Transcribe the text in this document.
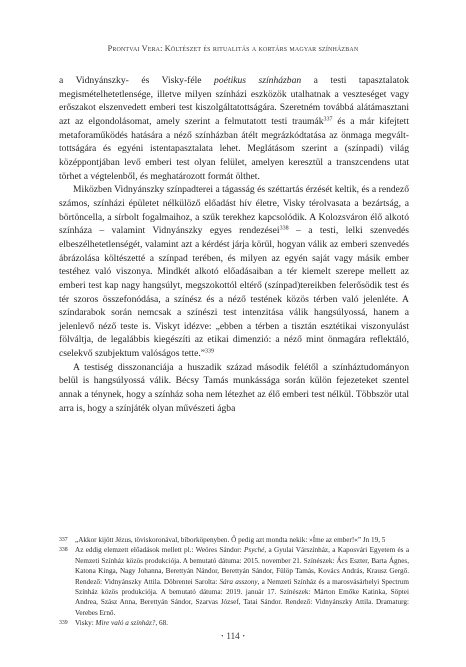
Prontvai Vera: Költészet és ritualitás a kortárs magyar színházban

a Vidnyánszky- és Visky-féle poétikus színházban a testi tapasztalatok megismételhetetlensége, illetve milyen színházi eszközök utalhatnak a veszteséget vagy erőszakot elszenvedett emberi test kiszolgáltatottságára. Szeretném továbbá alátámasztani azt az elgondolásomat, amely szerint a felmutatott testi traumák$^{337}$ és a már kifejtett metaforaműködés hatására a néző színházban átélt megrázkódtatása az önmaga megválttottságára és egyéni istentapasztalata lehet. Meglátásom szerint a (színpadi) világ középpontjában levő emberi test olyan felület, amelyen keresztül a transzcendens utat törhet a végtelenből, és meghatározott formát ölthet.

Miközben Vidnyánszky színpadterei a tágasság és széttartás érzését keltik, és a rendező számos, színházi épületet nélkülöző előadást hív életre, Visky térolvasata a bezártság, a börtöncella, a sírbolt fogalmaihoz, a szűk terekhez kapcsolódik. A Kolozsváron élő alkotó színháza – valamint Vidnyánszky egyes rendezései$^{338}$ – a testi, lelki szenvedés elbeszélhetetlenségét, valamint azt a kérdést járja körül, hogyan válik az emberi szenvedés ábrázolása költészetté a színpad terében, és milyen az egyén saját vagy másik ember testéhez való viszonya. Mindkét alkotó előadásaiban a tér kiemelt szerepe mellett az emberi test kap nagy hangsúlyt, megszokottól eltérő (színpad)tereikben felerősödik test és tér szoros összefonódása, a színész és a néző testének közös térben való jelenléte. A színdarabok során nemcsak a színészi test intenzitása válik hangsúlyossá, hanem a jelenlevő néző teste is. Viskyt idézve: „ebben a térben a tisztán esztétikai viszonyulást fölváltja, de legalábbis kiegészíti az etikai dimenzió: a néző mint önmagára reflektáló, cselekvő szubjektum valóságos tette.”$^{339}$

A testiség disszonanciája a huszadik század második felétől a színháztudományon belül is hangsúlyossá válik. Bécsy Tamás munkássága során külön fejezeteket szentel annak a ténynek, hogy a színház soha nem létezhet az élő emberi test nélkül. Többször utal arra is, hogy a színjáték olyan művészeti ágba

337	„Akkor kijött Jézus, töviskoronával, bíborköpenyben. Ő pedig azt mondta nekik: »Íme az ember!«” Jn 19, 5
338	Az eddig elemzett előadások mellett pl.: Weöres Sándor: Psyché, a Gyulai Várszínház, a Kaposvári Egyetem és a Nemzeti Színház közös produkciója. A bemutató dátuma: 2015. november 21. Színészek: Ács Eszter, Barta Ágnes, Katona Kinga, Nagy Johanna, Berettyán Nándor, Berettyán Sándor, Fülöp Tamás, Kovács András, Krausz Gergő. Rendező: Vidnyánszky Attila. Döbrentei Sarolta: Sára asszony, a Nemzeti Színház és a marosvásárhelyi Spectrum Színház közös produkciója. A bemutató dátuma: 2019. január 17. Színészek: Márton Emőke Katinka, Söptei Andrea, Szász Anna, Berettyán Sándor, Szarvas József, Tatai Sándor. Rendező: Vidnyánszky Attila. Dramaturg: Verebes Ernő.
339	Visky: Mire való a színház?, 68.
• 114 •
